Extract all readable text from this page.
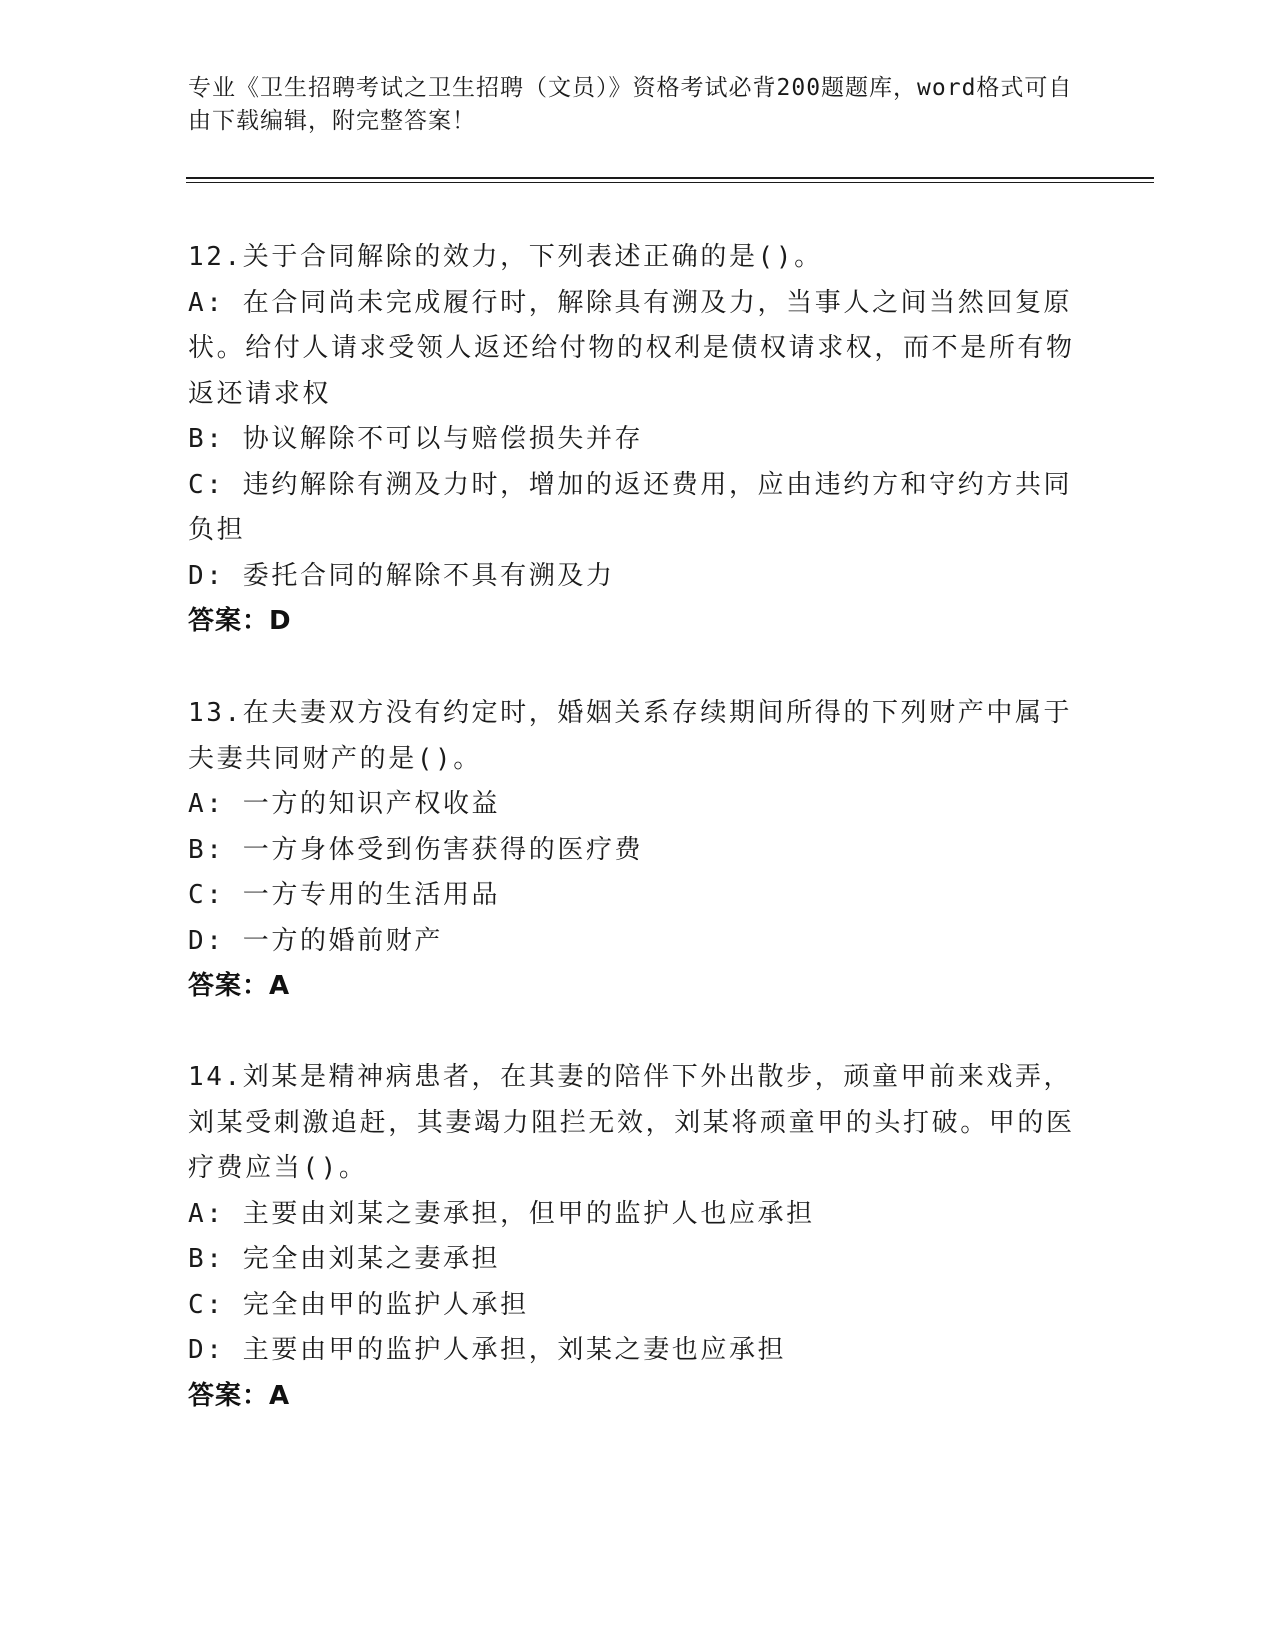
专业《卫生招聘考试之卫生招聘（文员）》资格考试必背200题题库，word格式可自由下载编辑，附完整答案！

12.关于合同解除的效力，下列表述正确的是()。

A: 在合同尚未完成履行时，解除具有溯及力，当事人之间当然回复原状。给付人请求受领人返还给付物的权利是债权请求权，而不是所有物返还请求权

B: 协议解除不可以与赔偿损失并存

C: 违约解除有溯及力时，增加的返还费用，应由违约方和守约方共同负担

D: 委托合同的解除不具有溯及力

答案：D

13.在夫妻双方没有约定时，婚姻关系存续期间所得的下列财产中属于夫妻共同财产的是()。

A: 一方的知识产权收益

B: 一方身体受到伤害获得的医疗费

C: 一方专用的生活用品

D: 一方的婚前财产

答案：A

14.刘某是精神病患者，在其妻的陪伴下外出散步，顽童甲前来戏弄，刘某受刺激追赶，其妻竭力阻拦无效，刘某将顽童甲的头打破。甲的医疗费应当()。

A: 主要由刘某之妻承担，但甲的监护人也应承担

B: 完全由刘某之妻承担

C: 完全由甲的监护人承担

D: 主要由甲的监护人承担，刘某之妻也应承担

答案：A
